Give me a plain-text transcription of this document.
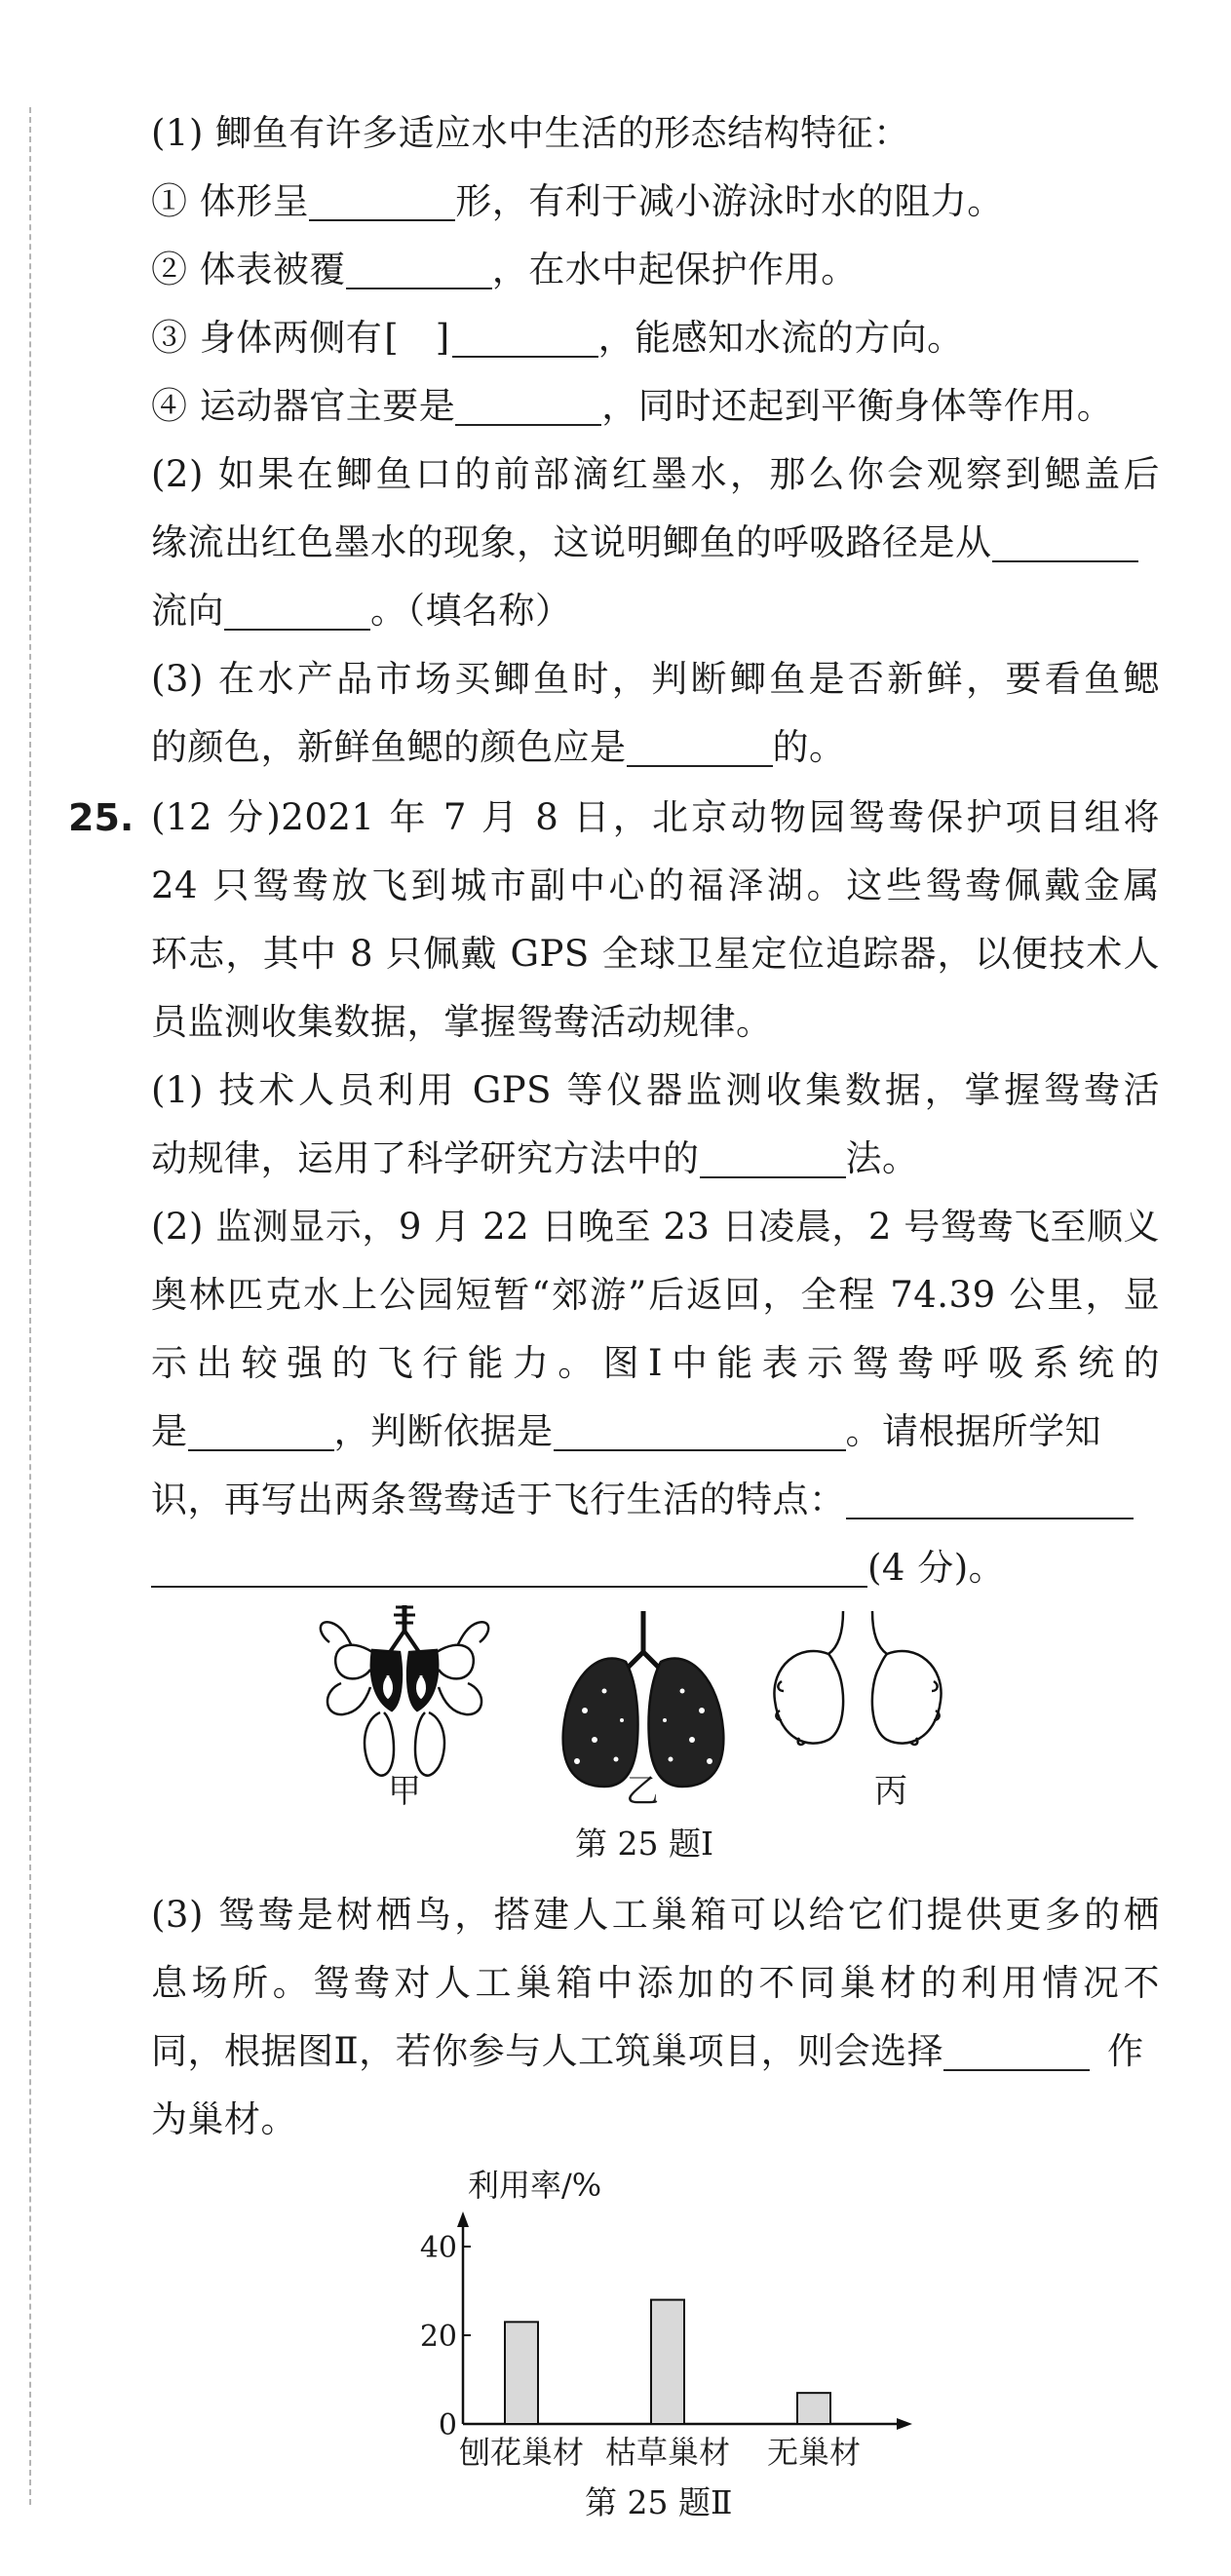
(1) 鲫鱼有许多适应水中生活的形态结构特征：
① 体形呈	形，有利于减小游泳时水的阻力。
② 体表被覆	，在水中起保护作用。
③ 身体两侧有[　]	，能感知水流的方向。
④ 运动器官主要是	，同时还起到平衡身体等作用。
(2) 如果在鲫鱼口的前部滴红墨水，那么你会观察到鳃盖后
缘流出红色墨水的现象，这说明鲫鱼的呼吸路径是从
流向	。（填名称）
(3) 在水产品市场买鲫鱼时，判断鲫鱼是否新鲜，要看鱼鳃
的颜色，新鲜鱼鳃的颜色应是	的。
25. (12 分)2021 年 7 月 8 日，北京动物园鸳鸯保护项目组将
24 只鸳鸯放飞到城市副中心的福泽湖。这些鸳鸯佩戴金属
环志，其中 8 只佩戴 GPS 全球卫星定位追踪器，以便技术人
员监测收集数据，掌握鸳鸯活动规律。
(1) 技术人员利用 GPS 等仪器监测收集数据，掌握鸳鸯活
动规律，运用了科学研究方法中的	法。
(2) 监测显示，9 月 22 日晚至 23 日凌晨，2 号鸳鸯飞至顺义
奥林匹克水上公园短暂“郊游”后返回，全程 74.39 公里，显
示出较强的飞行能力。图Ⅰ中能表示鸳鸯呼吸系统的
是	，判断依据是	。请根据所学知
识，再写出两条鸳鸯适于飞行生活的特点：
(4 分)。
甲	乙	丙
第 25 题Ⅰ
(3) 鸳鸯是树栖鸟，搭建人工巢箱可以给它们提供更多的栖
息场所。鸳鸯对人工巢箱中添加的不同巢材的利用情况不
同，根据图Ⅱ，若你参与人工筑巢项目，则会选择	作
为巢材。
利用率/%
0
20
40
刨花巢材 枯草巢材 无巢材
第 25 题Ⅱ
